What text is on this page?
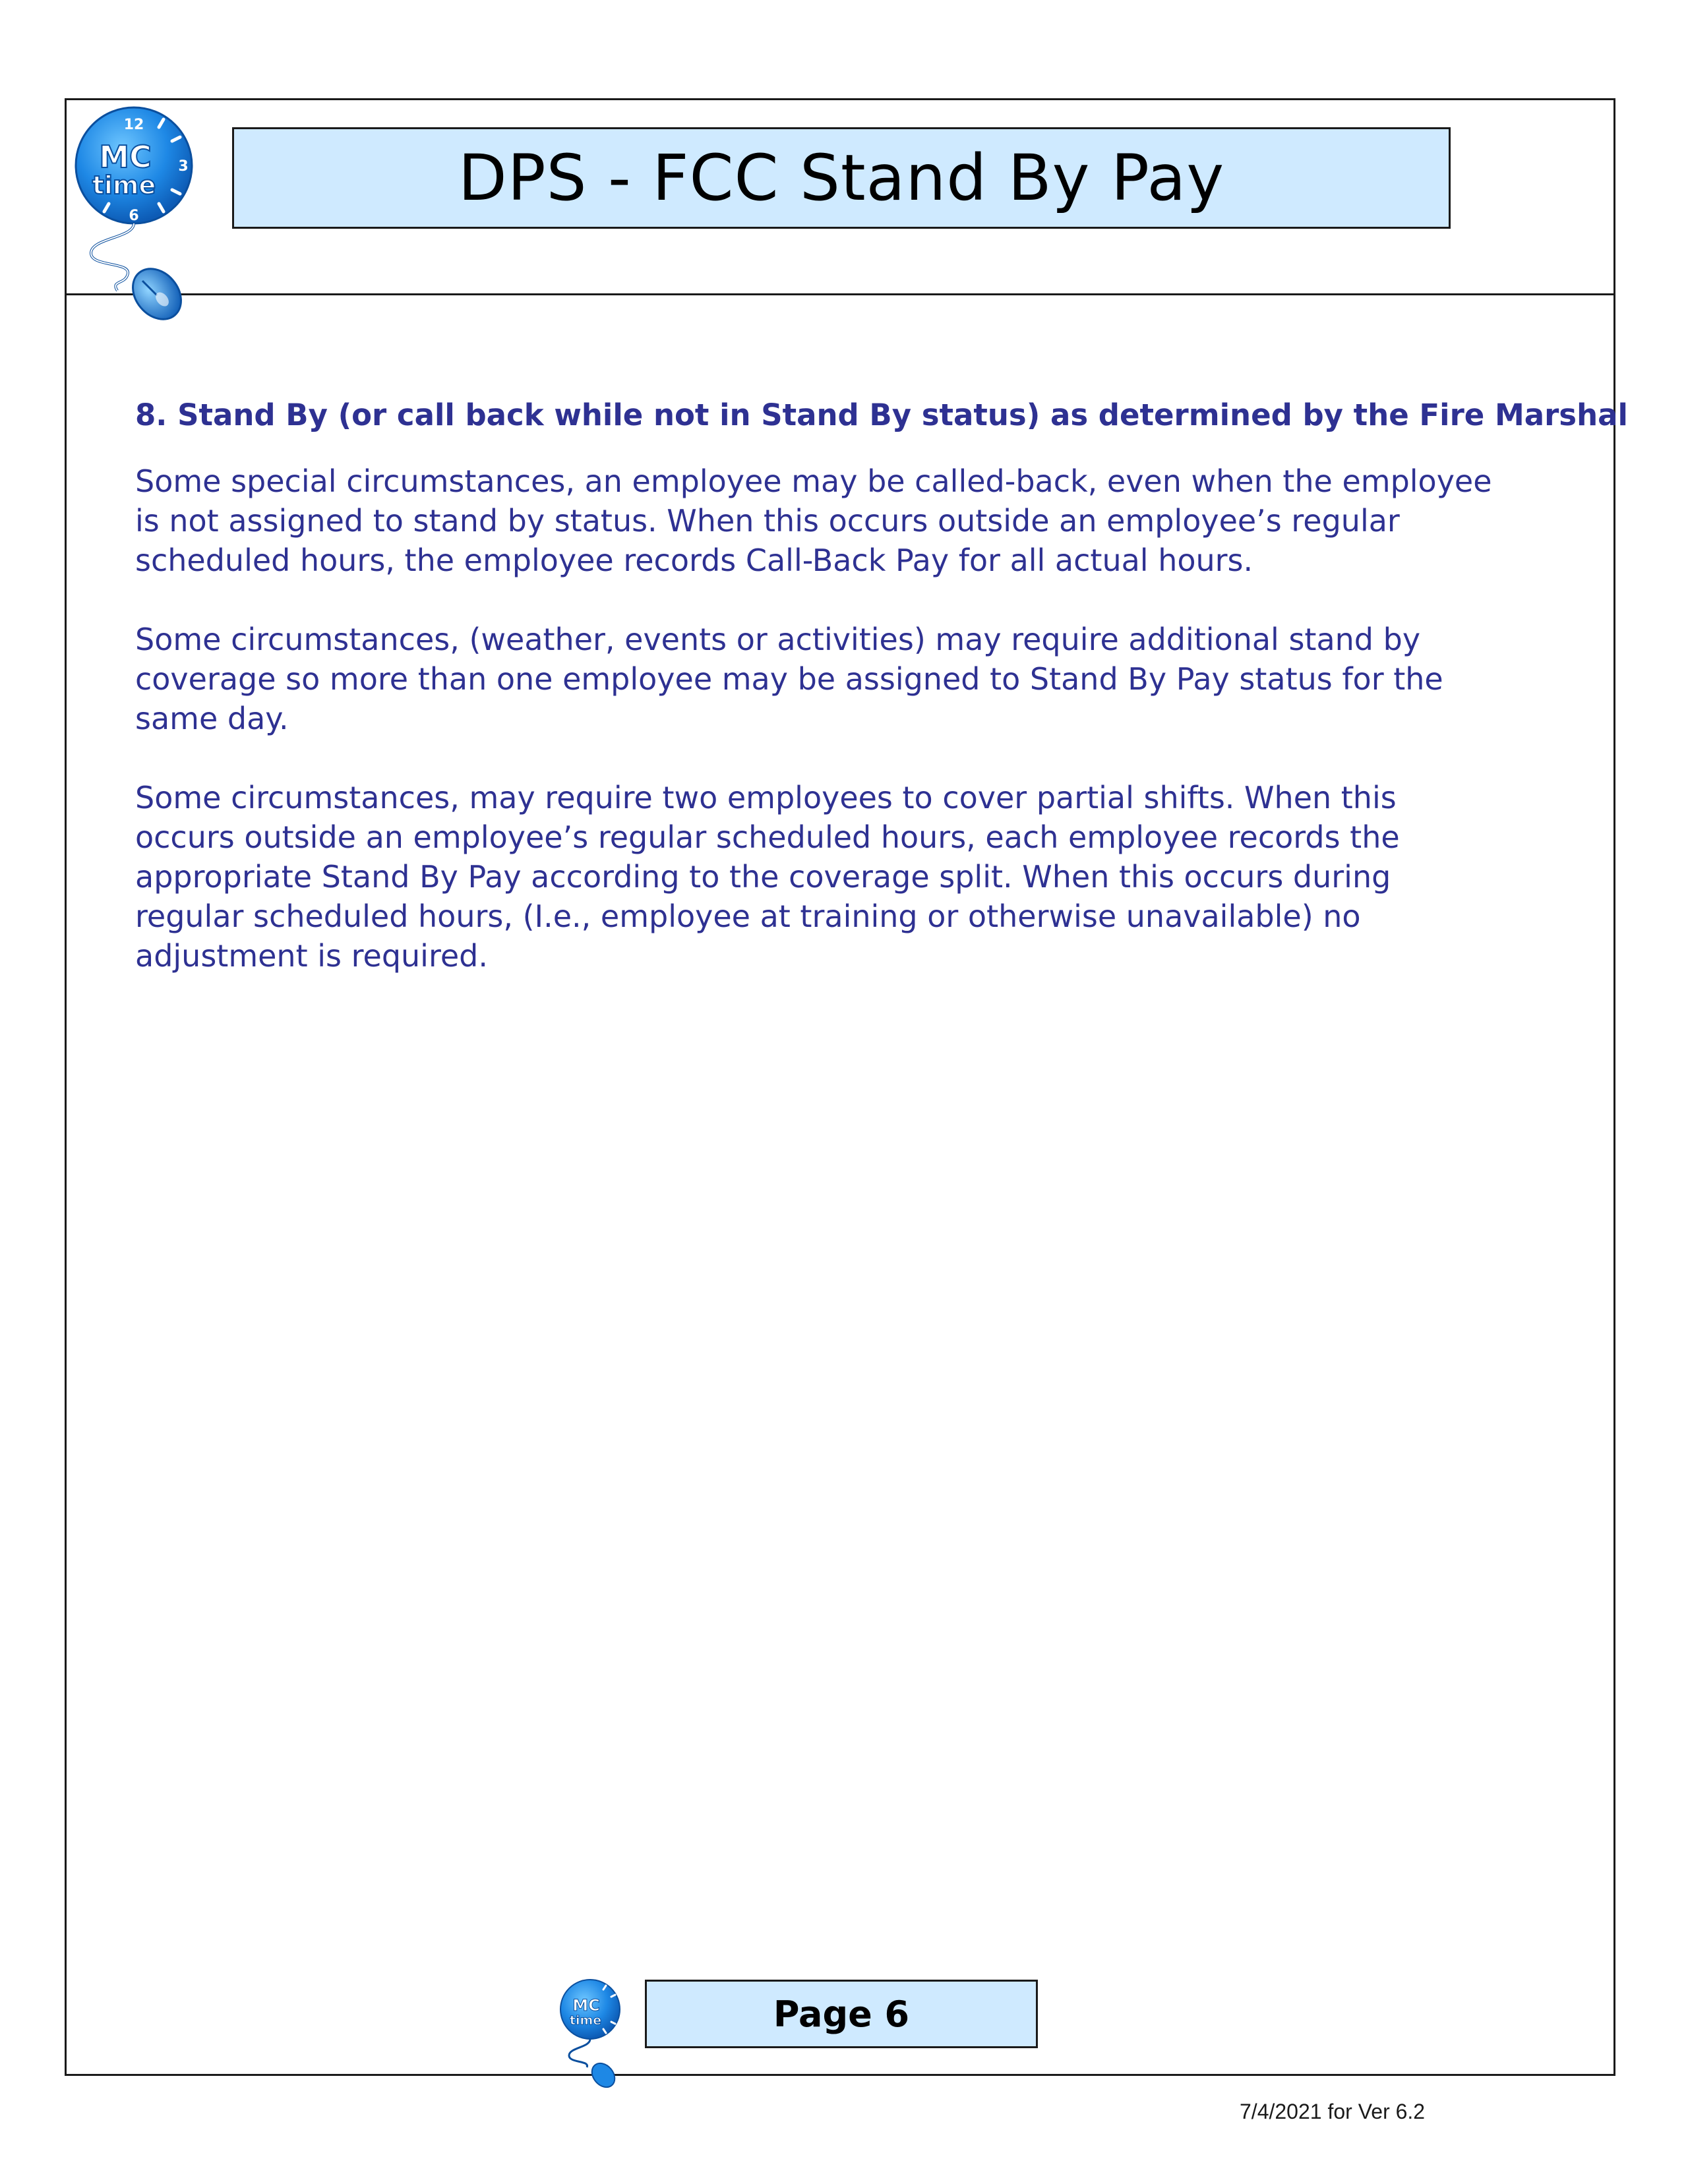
12
3
6
MC
time	DPS - FCC Stand By Pay

8. Stand By (or call back while not in Stand By status) as determined by the Fire Marshal

Some special circumstances, an employee may be called-back, even when the employee
is not assigned to stand by status. When this occurs outside an employee’s regular
scheduled hours, the employee records Call-Back Pay for all actual hours.

Some circumstances, (weather, events or activities) may require additional stand by
coverage so more than one employee may be assigned to Stand By Pay status for the
same day.

Some circumstances, may require two employees to cover partial shifts. When this
occurs outside an employee’s regular scheduled hours, each employee records the
appropriate Stand By Pay according to the coverage split. When this occurs during
regular scheduled hours, (I.e., employee at training or otherwise unavailable) no
adjustment is required.

MC
time	Page 6
7/4/2021 for Ver 6.2
